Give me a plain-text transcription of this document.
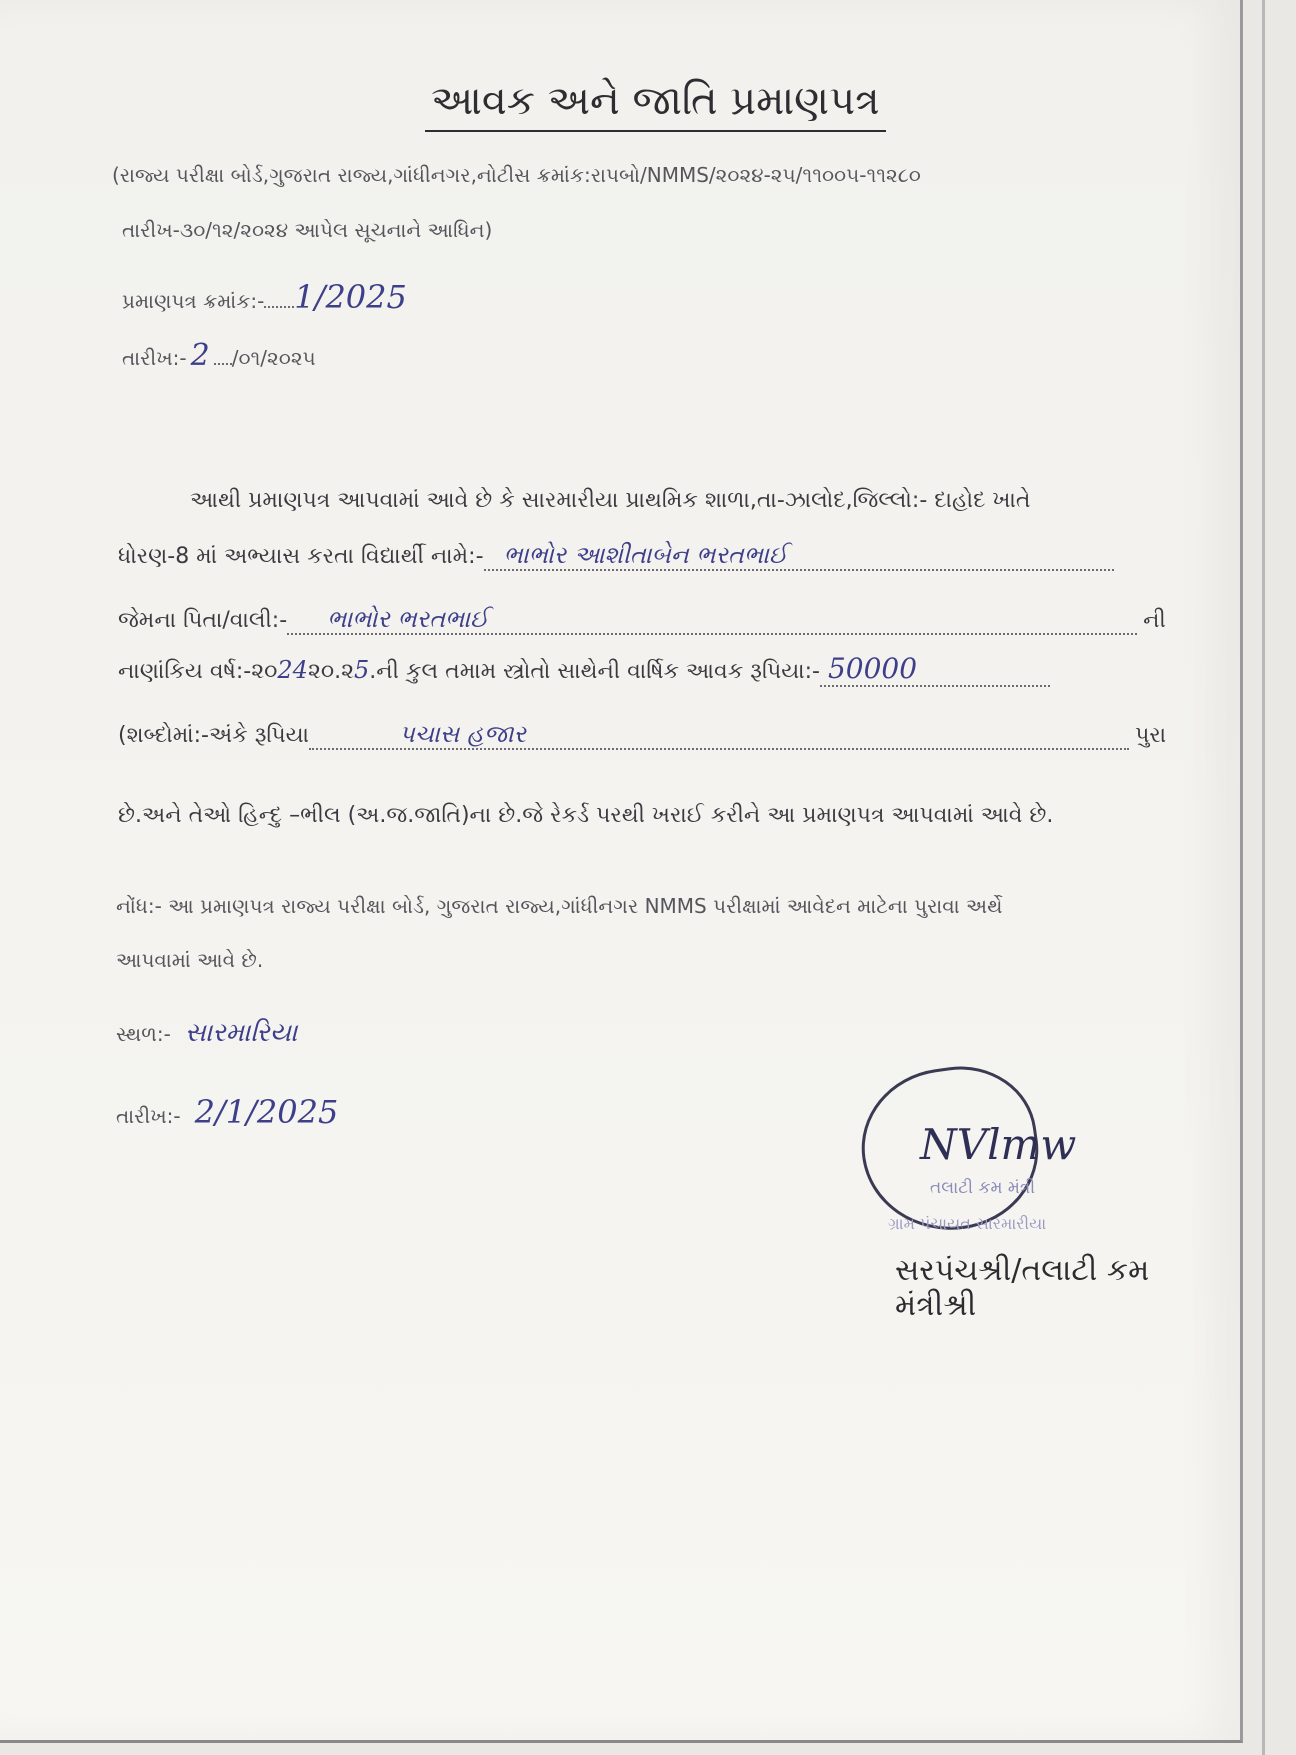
આવક અને જાતિ પ્રમાણપત્ર
(રાજ્ય પરીક્ષા બોર્ડ,ગુજરાત રાજ્ય,ગાંધીનગર,નોટીસ ક્રમાંક:રાપબો/NMMS/૨૦૨૪-૨૫/૧૧૦૦૫-૧૧૨૮૦
તારીખ-૩૦/૧૨/૨૦૨૪ આપેલ સૂચનાને આધિન)
પ્રમાણપત્ર ક્રમાંક:- 1/2025
તારીખ:- 2 /૦૧/૨૦૨૫
આથી પ્રમાણપત્ર આપવામાં આવે છે કે સારમારીયા પ્રાથમિક શાળા,તા-ઝાલોદ,જિલ્લો:- દાહોદ ખાતે
ધોરણ-8 માં અભ્યાસ કરતા વિદ્યાર્થી નામે:- ભાભોર આશીતાબેન ભરતભાઈ
જેમના પિતા/વાલી:- ભાભોર ભરતભાઈ	ની
નાણાંકિય વર્ષ:-૨૦24૨૦.૨5.ની કુલ તમામ સ્ત્રોતો સાથેની વાર્ષિક આવક રૂપિયા:- 50000
(શબ્દોમાં:-અંકે રૂપિયા	પચાસ હજાર	પુરા
છે.અને તેઓ હિન્દુ –ભીલ (અ.જ.જાતિ)ના છે.જે રેકર્ડ પરથી ખરાઈ કરીને આ પ્રમાણપત્ર આપવામાં આવે છે.
નોંધ:- આ પ્રમાણપત્ર રાજ્ય પરીક્ષા બોર્ડ, ગુજરાત રાજ્ય,ગાંધીનગર NMMS પરીક્ષામાં આવેદન માટેના પુરાવા અર્થે
આપવામાં આવે છે.
સ્થળ:- સારમારિયા
તારીખ:- 2/1/2025
NVlmw
તલાટી કમ મંત્રી
ગ્રામ પંચાયત સારમારીયા
સરપંચશ્રી/તલાટી કમ મંત્રીશ્રી
